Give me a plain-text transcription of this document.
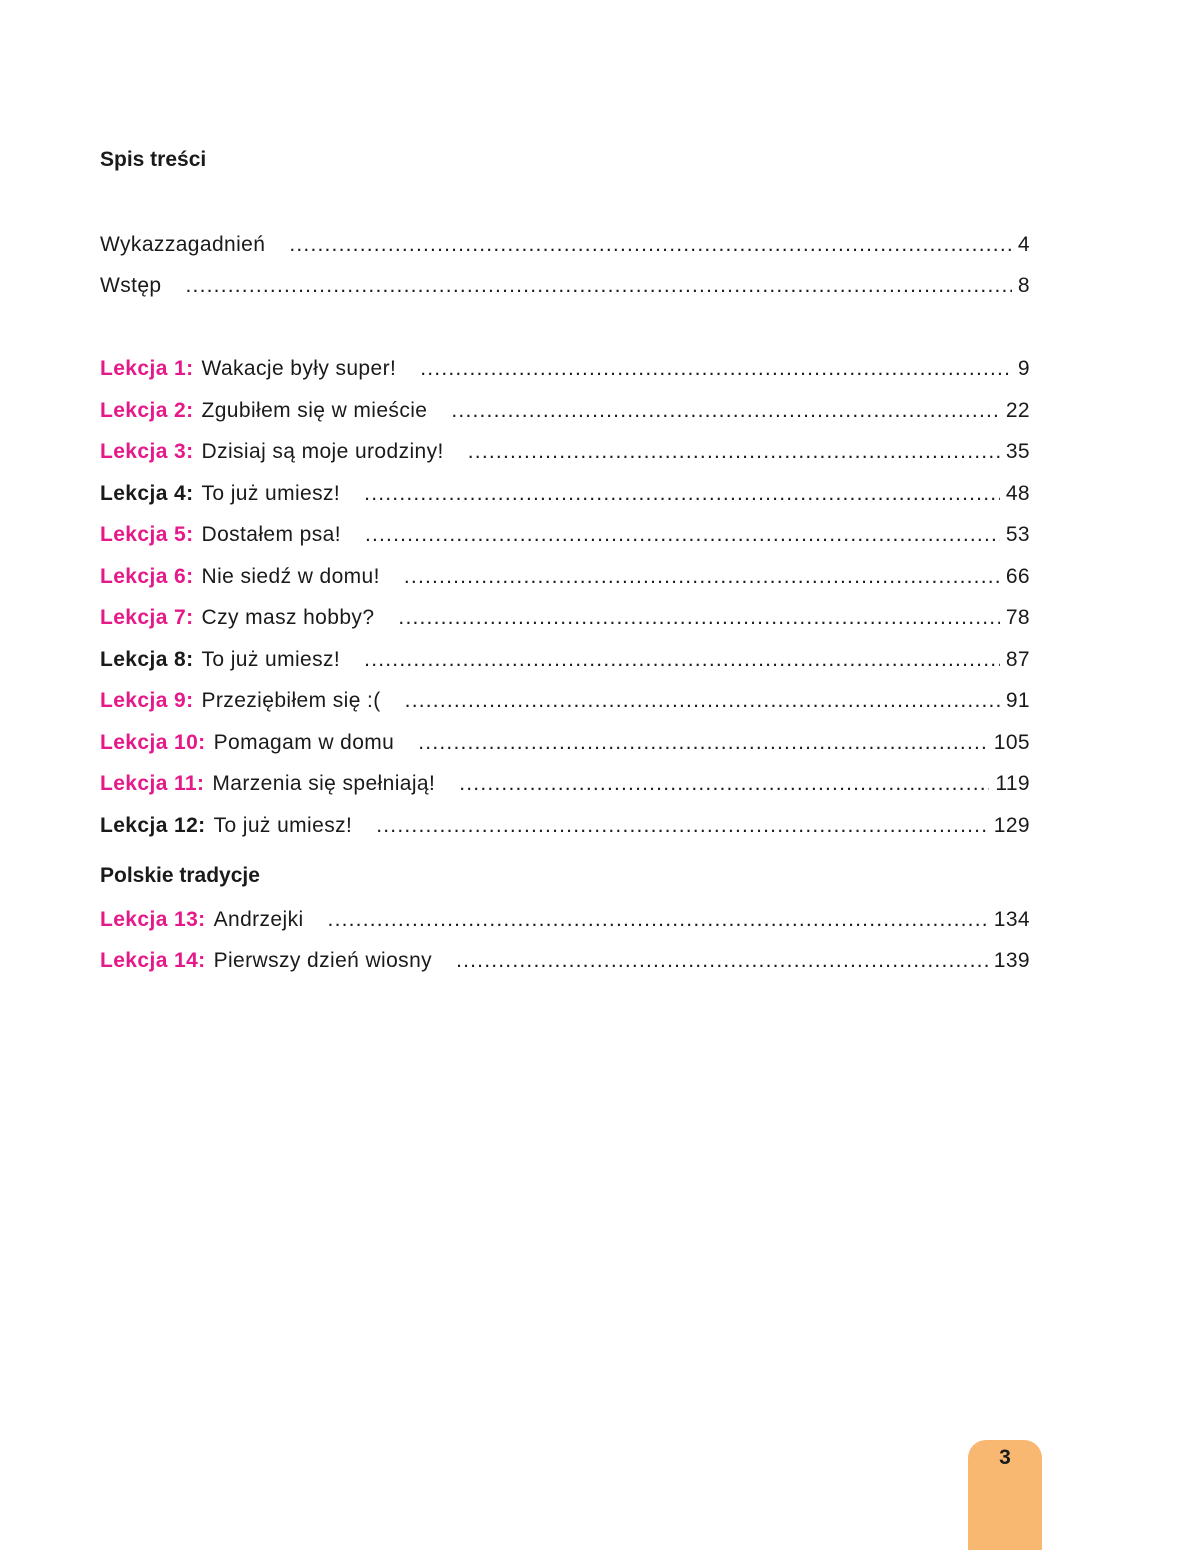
Spis treści
Wykazzagadnień .....	4
Wstęp .....	8
Lekcja 1: Wakacje były super! .....	9
Lekcja 2: Zgubiłem się w mieście .....	22
Lekcja 3: Dzisiaj są moje urodziny! .....	35
Lekcja 4: To już umiesz! .....	48
Lekcja 5: Dostałem psa! .....	53
Lekcja 6: Nie siedź w domu! .....	66
Lekcja 7: Czy masz hobby? .....	78
Lekcja 8: To już umiesz! .....	87
Lekcja 9: Przeziębiłem się :( .....	91
Lekcja 10: Pomagam w domu .....	105
Lekcja 11: Marzenia się spełniają! .....	119
Lekcja 12: To już umiesz! .....	129
Polskie tradycje
Lekcja 13: Andrzejki .....	134
Lekcja 14: Pierwszy dzień wiosny .....	139
3
